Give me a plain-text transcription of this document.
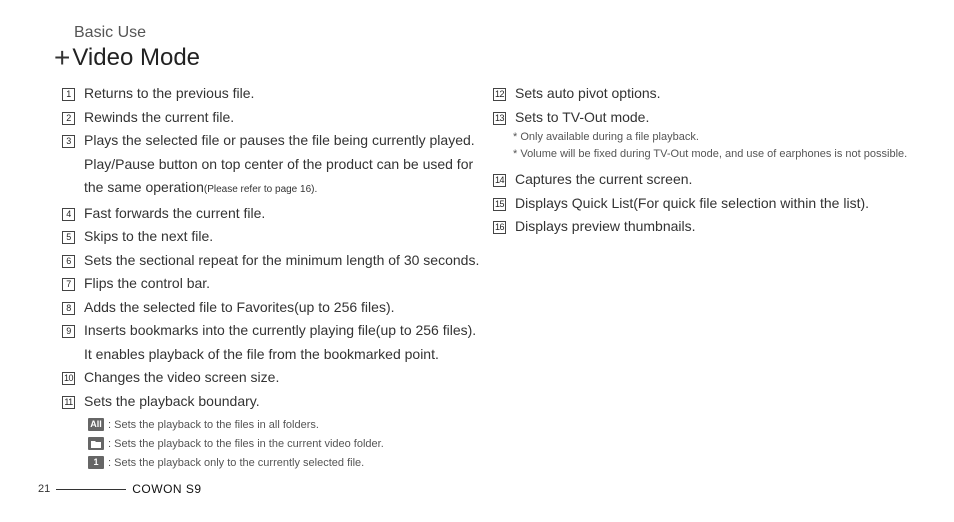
Basic Use
+ Video Mode
1 Returns to the previous file.
2 Rewinds the current file.
3 Plays the selected file or pauses the file being currently played. Play/Pause button on top center of the product can be used for the same operation(Please refer to page 16).
4 Fast forwards the current file.
5 Skips to the next file.
6 Sets the sectional repeat for the minimum length of 30 seconds.
7 Flips the control bar.
8 Adds the selected file to Favorites(up to 256 files).
9 Inserts bookmarks into the currently playing file(up to 256 files). It enables playback of the file from the bookmarked point.
10 Changes the video screen size.
11 Sets the playback boundary.
All : Sets the playback to the files in all folders.
: Sets the playback to the files in the current video folder.
1 : Sets the playback only to the currently selected file.
12 Sets auto pivot options.
13 Sets to TV-Out mode.
* Only available during a file playback.
* Volume will be fixed during TV-Out mode, and use of earphones is not possible.
14 Captures the current screen.
15 Displays Quick List(For quick file selection within the list).
16 Displays preview thumbnails.
21	COWON S9
